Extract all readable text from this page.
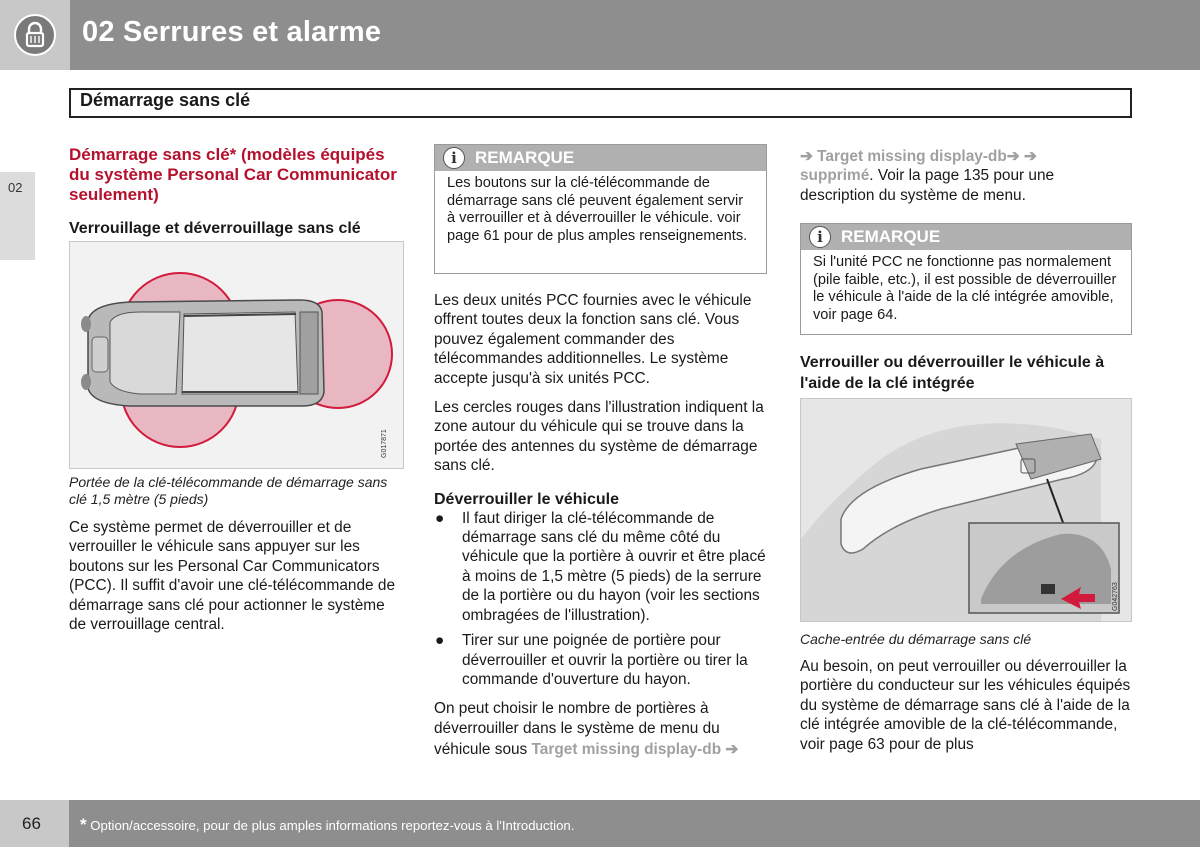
02 Serrures et alarme
Démarrage sans clé
02

Démarrage sans clé* (modèles équipés du système Personal Car Communicator seulement)

Verrouillage et déverrouillage sans clé

G017871

Portée de la clé-télécommande de démarrage sans clé 1,5 mètre (5 pieds)

Ce système permet de déverrouiller et de verrouiller le véhicule sans appuyer sur les boutons sur les Personal Car Communicators (PCC). Il suffit d'avoir une clé-télécommande de démarrage sans clé pour actionner le système de verrouillage central.

i	REMARQUE
Les boutons sur la clé-télécommande de démarrage sans clé peuvent également servir à verrouiller et à déverrouiller le véhicule. voir page 61 pour de plus amples renseignements.

Les deux unités PCC fournies avec le véhicule offrent toutes deux la fonction sans clé. Vous pouvez également commander des télécommandes additionnelles. Le système accepte jusqu'à six unités PCC.

Les cercles rouges dans l'illustration indiquent la zone autour du véhicule qui se trouve dans la portée des antennes du système de démarrage sans clé.

Déverrouiller le véhicule

● Il faut diriger la clé-télécommande de démarrage sans clé du même côté du véhicule que la portière à ouvrir et être placé à moins de 1,5 mètre (5 pieds) de la serrure de la portière ou du hayon (voir les sections ombragées de l'illustration).
● Tirer sur une poignée de portière pour déverrouiller et ouvrir la portière ou tirer la commande d'ouverture du hayon.

On peut choisir le nombre de portières à déverrouiller dans le système de menu du

véhicule sous Target missing display-db ➔

➔ Target missing display-db➔ ➔
supprimé. Voir la page 135 pour une description du système de menu.

i	REMARQUE
Si l'unité PCC ne fonctionne pas normalement (pile faible, etc.), il est possible de déverrouiller le véhicule à l'aide de la clé intégrée amovible, voir page 64.

Verrouiller ou déverrouiller le véhicule à l'aide de la clé intégrée

G042763

Cache-entrée du démarrage sans clé

Au besoin, on peut verrouiller ou déverrouiller la portière du conducteur sur les véhicules équipés du système de démarrage sans clé à l'aide de la clé intégrée amovible de la clé-télécommande, voir page 63 pour de plus

66 * Option/accessoire, pour de plus amples informations reportez-vous à l'Introduction.
